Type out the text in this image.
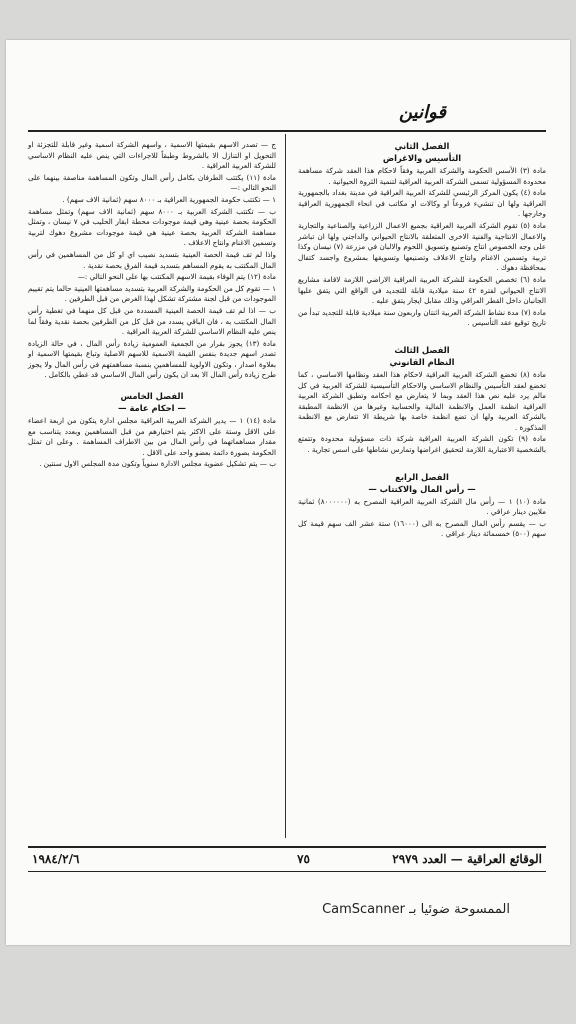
قوانين
الفصل الثاني
التأسيس والاغراض

مادة (٣) الأسس الحكومة والشركة العربية وفقاً لاحكام هذا العقد شركة مساهمة محدودة المسؤولية تسمى الشركة العربية العراقية لتنمية الثروة الحيوانية .

مادة (٤) يكون المركز الرئيسي للشركة العربية العراقية في مدينة بغداد بالجمهورية العراقية ولها ان تنشيء فروعاً او وكالات او مكاتب في انحاء الجمهورية العراقية وخارجها .

مادة (٥) تقوم الشركة العربية العراقية بجميع الاعمال الزراعية والصناعية والتجارية والاعمال الانتاجية والفنية الاخرى المتعلقة بالانتاج الحيواني والداجني ولها ان تباشر على وجه الخصوص انتاج وتصنيع وتسويق اللحوم والالبان في مزرعة (٧) نيسان وكذا تربية وتسمين الاغنام وانتاج الاعلاف وتصنيعها وتسويقها بمشروع واجسد كتفال بمحافظة دهوك .

مادة (٦) تخصص الحكومة للشركة العربية العراقية الاراضي اللازمة لاقامة مشاريع الانتاج الحيواني لفترة ٤٢ سنة ميلادية قابلة للتجديد في الواقع التي يتفق عليها الجانبان داخل القطر العراقي وذلك مقابل ايجار يتفق عليه .

مادة (٧) مدة نشاط الشركة العربية اثنتان واربعون سنة ميلادية قابلة للتجديد تبدأ من تاريخ توقيع عقد التأسيس .

الفصل الثالث
النظام القانوني

مادة (٨) تخضع الشركة العربية العراقية لاحكام هذا العقد ونظامها الاساسي ، كما تخضع لعقد التأسيس والنظام الاساسي والاحكام التأسيسية للشركة العربية في كل مالم يرد عليه نص هذا العقد وبما لا يتعارض مع احكامه وتطبق الشركة العربية العراقية انظمة العمل والانظمة المالية والحسابية وغيرها من الانظمة المطبقة بالشركة العربية ولها ان تضع انظمة خاصة بها شريطة الا تتعارض مع الانظمة المذكورة .

مادة (٩) تكون الشركة العربية العراقية شركة ذات مسؤولية محدودة وتتمتع بالشخصية الاعتبارية اللازمة لتحقيق اغراضها وتمارس نشاطها على اسس تجارية .

الفصل الرابع
— رأس المال والاكتتاب —

مادة (١٠) ١ — رأس مال الشركة العربية العراقية المصرح به (٨٠٠٠٠٠٠) ثمانية ملايين دينار عراقي .

ب — يقسم رأس المال المصرح به الى (١٦٠٠٠) ستة عشر الف سهم قيمة كل سهم (٥٠٠) خمسمائة دينار عراقي .

ج — تصدر الاسهم بقيمتها الاسمية ، واسهم الشركة اسمية وغير قابلة للتجزئة او التحويل او التنازل الا بالشروط وطبقاً للاجراءات التي ينص عليه النظام الاساسي للشركة العربية العراقية .

مادة (١١) يكتتب الطرفان بكامل رأس المال وتكون المساهمة مناصفة بينهما على النحو التالي :—

١ — تكتتب حكومة الجمهورية العراقية بـ ٨٠٠٠ سهم (ثمانية الاف سهم) .

ب — تكتتب الشركة العربية بـ ٨٠٠٠ سهم (ثمانية الاف سهم) وتمثل مساهمة الحكومة بحصة عينية وهي قيمة موجودات محطة ابقار الحليب في ٧ نيسان ، وتمثل مساهمة الشركة العربية بحصة عينية هي قيمة موجودات مشروع دهوك لتربية وتسمين الاغنام وانتاج الاعلاف .

واذا لم تف قيمة الحصة العينية بتسديد نصيب اي او كل من المساهمين في رأس المال المكتتب به يقوم المساهم بتسديد قيمة الفرق بحصة نقدية .

مادة (١٢) يتم الوفاء بقيمة الاسهم المكتتب بها على النحو التالي :—

١ — تقوم كل من الحكومة والشركة العربية بتسديد مساهمتها العينية حالما يتم تقييم الموجودات من قبل لجنة مشتركة تشكل لهذا الغرض من قبل الطرفين .

ب — اذا لم تف قيمة الحصة العينية المسددة من قبل كل منهما في تغطية رأس المال المكتتب به ، فان الباقي يسدد من قبل كل من الطرفين بحصة نقدية وفقاً لما ينص عليه النظام الاساسي للشركة العربية العراقية .

مادة (١٣) يجوز بقرار من الجمعية العمومية زيادة رأس المال ، في حالة الزيادة تصدر اسهم جديدة بنفس القيمة الاسمية للاسهم الاصلية وتباع بقيمتها الاسمية او بعلاوة اصدار ، وتكون الاولوية للمساهمين بنسبة مساهمتهم في رأس المال ولا يجوز طرح زيادة رأس المال الا بعد ان يكون رأس المال الاساسي قد غطي بالكامل .

الفصل الخامس
— احكام عامة —

مادة (١٤) ١ — يدير الشركة العربية العراقية مجلس ادارة يتكون من اربعة اعضاء على الاقل وستة على الاكثر يتم اختيارهم من قبل المساهمين وبعدد يتناسب مع مقدار مساهماتهما في رأس المال من بين الاطراف المساهمة . وعلى ان تمثل الحكومة بصورة دائمة بعضو واحد على الاقل .

ب — يتم تشكيل عضوية مجلس الادارة سنوياً وتكون مدة المجلس الاول سنتين .

الوقائع العراقية — العدد ٢٩٧٩
٧٥
١٩٨٤/٢/٦
الممسوحة ضوئيا بـ CamScanner
